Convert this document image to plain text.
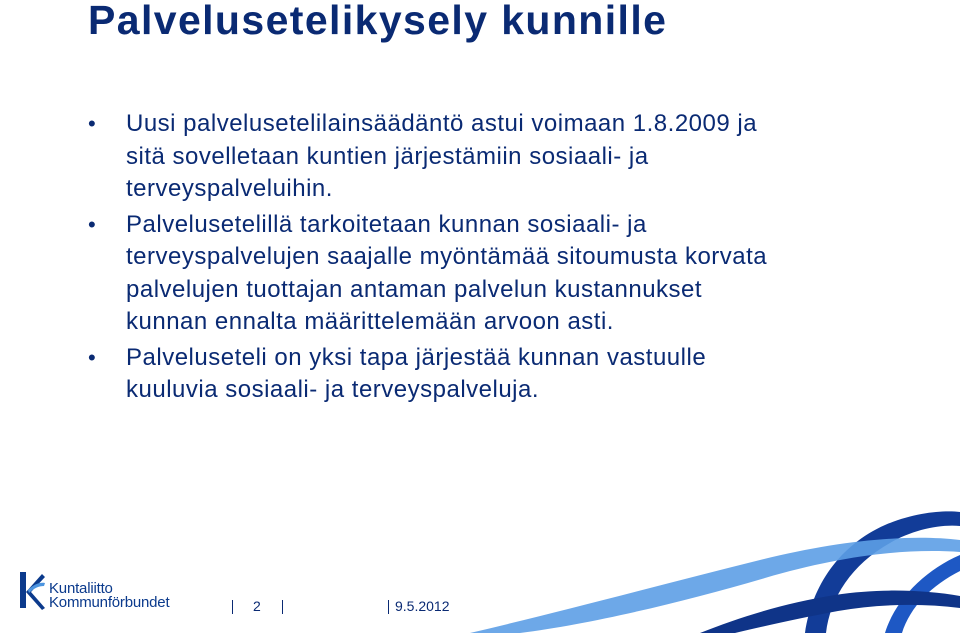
Palvelusetelikysely kunnille
• Uusi palvelusetelilainsäädäntö astui voimaan 1.8.2009 ja sitä sovelletaan kuntien järjestämiin sosiaali- ja terveyspalveluihin.
• Palvelusetelillä tarkoitetaan kunnan sosiaali- ja terveyspalvelujen saajalle myöntämää sitoumusta korvata palvelujen tuottajan antaman palvelun kustannukset kunnan ennalta määrittelemään arvoon asti.
• Palveluseteli on yksi tapa järjestää kunnan vastuulle kuuluvia sosiaali- ja terveyspalveluja.
Kuntaliitto
Kommunförbundet	2	9.5.2012
